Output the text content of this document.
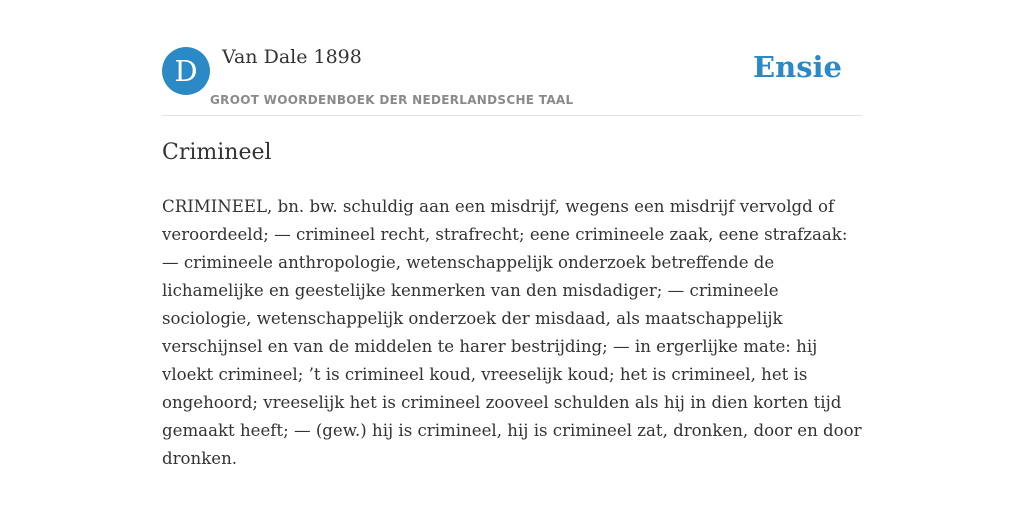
D	Van Dale 1898
GROOT WOORDENBOEK DER NEDERLANDSCHE TAAL
Ensie
Crimineel

CRIMINEEL, bn. bw. schuldig aan een misdrijf, wegens een misdrijf vervolgd of veroordeeld; — crimineel recht, strafrecht; eene crimineele zaak, eene strafzaak: — crimineele anthropologie, wetenschappelijk onderzoek betreffende de lichamelijke en geestelijke kenmerken van den misdadiger; — crimineele sociologie, wetenschappelijk onderzoek der misdaad, als maatschappelijk verschijnsel en van de middelen te harer bestrijding; — in ergerlijke mate: hij vloekt crimineel; ’t is crimineel koud, vreeselijk koud; het is crimineel, het is ongehoord; vreeselijk het is crimineel zooveel schulden als hij in dien korten tijd gemaakt heeft; — (gew.) hij is crimineel, hij is crimineel zat, dronken, door en door dronken.
